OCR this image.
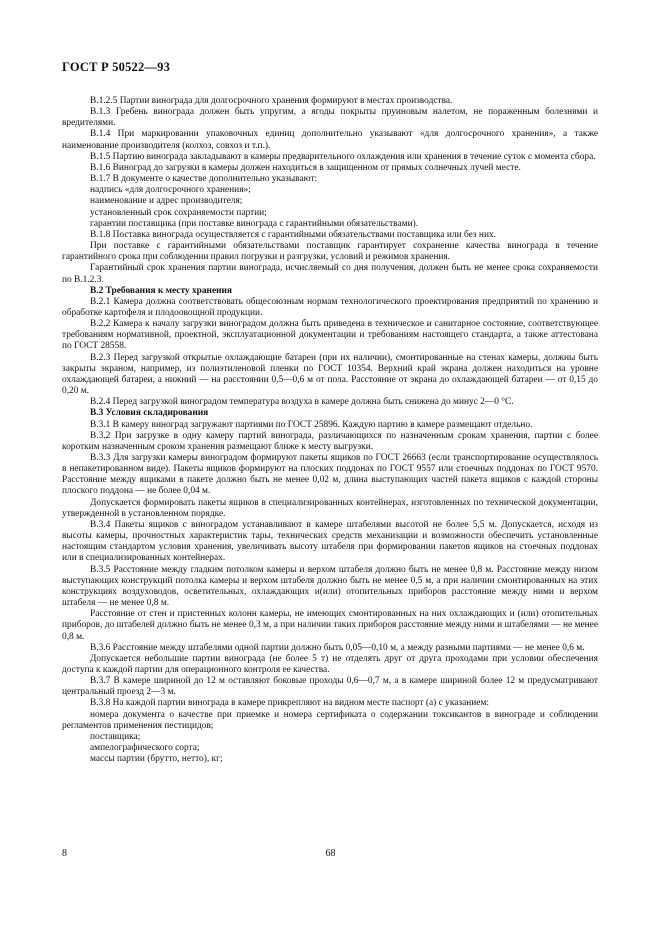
ГОСТ Р 50522—93

В.1.2.5 Партии винограда для долгосрочного хранения формируют в местах производства.

В.1.3 Гребень винограда должен быть упругим, а ягоды покрыты пруиновым налетом, не пораженным болезнями и вредителями.

В.1.4 При маркировании упаковочных единиц дополнительно указывают «для долгосрочного хранения», а также наименование производителя (колхоз, совхоз и т.п.).

В.1.5 Партию винограда закладывают в камеры предварительного охлаждения или хранения в течение суток с момента сбора.

В.1.6 Виноград до загрузки в камеры должен находиться в защищенном от прямых солнечных лучей месте.

В.1.7 В документе о качестве дополнительно указывают:

надпись «для долгосрочного хранения»;

наименование и адрес производителя;

установленный срок сохраняемости партии;

гарантии поставщика (при поставке винограда с гарантийными обязательствами).

В.1.8 Поставка винограда осуществляется с гарантийными обязательствами поставщика или без них.

При поставке с гарантийными обязательствами поставщик гарантирует сохранение качества винограда в течение гарантийного срока при соблюдении правил погрузки и разгрузки, условий и режимов хранения.

Гарантийный срок хранения партии винограда, исчисляемый со дня получения, должен быть не менее срока сохраняемости по В.1.2.3.

В.2 Требования к месту хранения

В.2.1 Камера должна соответствовать общесоюзным нормам технологического проектирования предприятий по хранению и обработке картофеля и плодоовощной продукции.

В.2.2 Камера к началу загрузки виноградом должна быть приведена в техническое и санитарное состояние, соответствующее требованиям нормативной, проектной, эксплуатационной документации и требованиям настоящего стандарта, а также аттестована по ГОСТ 28558.

В.2.3 Перед загрузкой открытые охлаждающие батареи (при их наличии), смонтированные на стенах камеры, должны быть закрыты экраном, например, из полиэтиленовой пленки по ГОСТ 10354. Верхний край экрана должен находиться на уровне охлаждающей батареи, а нижний — на расстоянии 0,5—0,6 м от пола. Расстояние от экрана до охлаждающей батареи — от 0,15 до 0,20 м.

В.2.4 Перед загрузкой виноградом температура воздуха в камере должна быть снижена до минус 2—0 °С.

В.3 Условия складирования

В.3.1 В камеру виноград загружают партиями по ГОСТ 25896. Каждую партию в камере размещают отдельно.

В.3.2 При загрузке в одну камеру партий винограда, различающихся по назначенным срокам хранения, партии с более коротким назначенным сроком хранения размещают ближе к месту выгрузки.

В.3.3 Для загрузки камеры виноградом формируют пакеты ящиков по ГОСТ 26663 (если транспортирование осуществлялось в непакетированном виде). Пакеты ящиков формируют на плоских поддонах по ГОСТ 9557 или стоечных поддонах по ГОСТ 9570. Расстояние между ящиками в пакете должно быть не менее 0,02 м, длина выступающих частей пакета ящиков с каждой стороны плоского поддона — не более 0,04 м.

Допускается формировать пакеты ящиков в специализированных контейнерах, изготовленных по технической документации, утвержденной в установленном порядке.

В.3.4 Пакеты ящиков с виноградом устанавливают в камере штабелями высотой не более 5,5 м. Допускается, исходя из высоты камеры, прочностных характеристик тары, технических средств механизации и возможности обеспечить установленные настоящим стандартом условия хранения, увеличивать высоту штабеля при формировании пакетов ящиков на стоечных поддонах или в специализированных контейнерах.

В.3.5 Расстояние между гладким потолком камеры и верхом штабеля должно быть не менее 0,8 м. Расстояние между низом выступающих конструкций потолка камеры и верхом штабеля должно быть не менее 0,5 м, а при наличии смонтированных на этих конструкциях воздуховодов, осветительных, охлаждающих и(или) отопительных приборов расстояние между ними и верхом штабеля — не менее 0,8 м.

Расстояние от стен и пристенных колонн камеры, не имеющих смонтированных на них охлаждающих и (или) отопительных приборов, до штабелей должно быть не менее 0,3 м, а при наличии таких приборов расстояние между ними и штабелями — не менее 0,8 м.

В.3.6 Расстояние между штабелями одной партии должно быть 0,05—0,10 м, а между разными партиями — не менее 0,6 м.

Допускается небольшие партии винограда (не более 5 т) не отделять друг от друга проходами при условии обеспечения доступа к каждой партии для операционного контроля ее качества.

В.3.7 В камере шириной до 12 м оставляют боковые проходы 0,6—0,7 м, а в камере шириной более 12 м предусматривают центральный проезд 2—3 м.

В.3.8 На каждой партии винограда в камере прикрепляют на видном месте паспорт (а) с указанием:

номера документа о качестве при приемке и номера сертификата о содержании токсикантов в винограде и соблюдении регламентов применения пестицидов;

поставщика;

ампелографического сорта;

массы партии (брутто, нетто), кг;

8	68
